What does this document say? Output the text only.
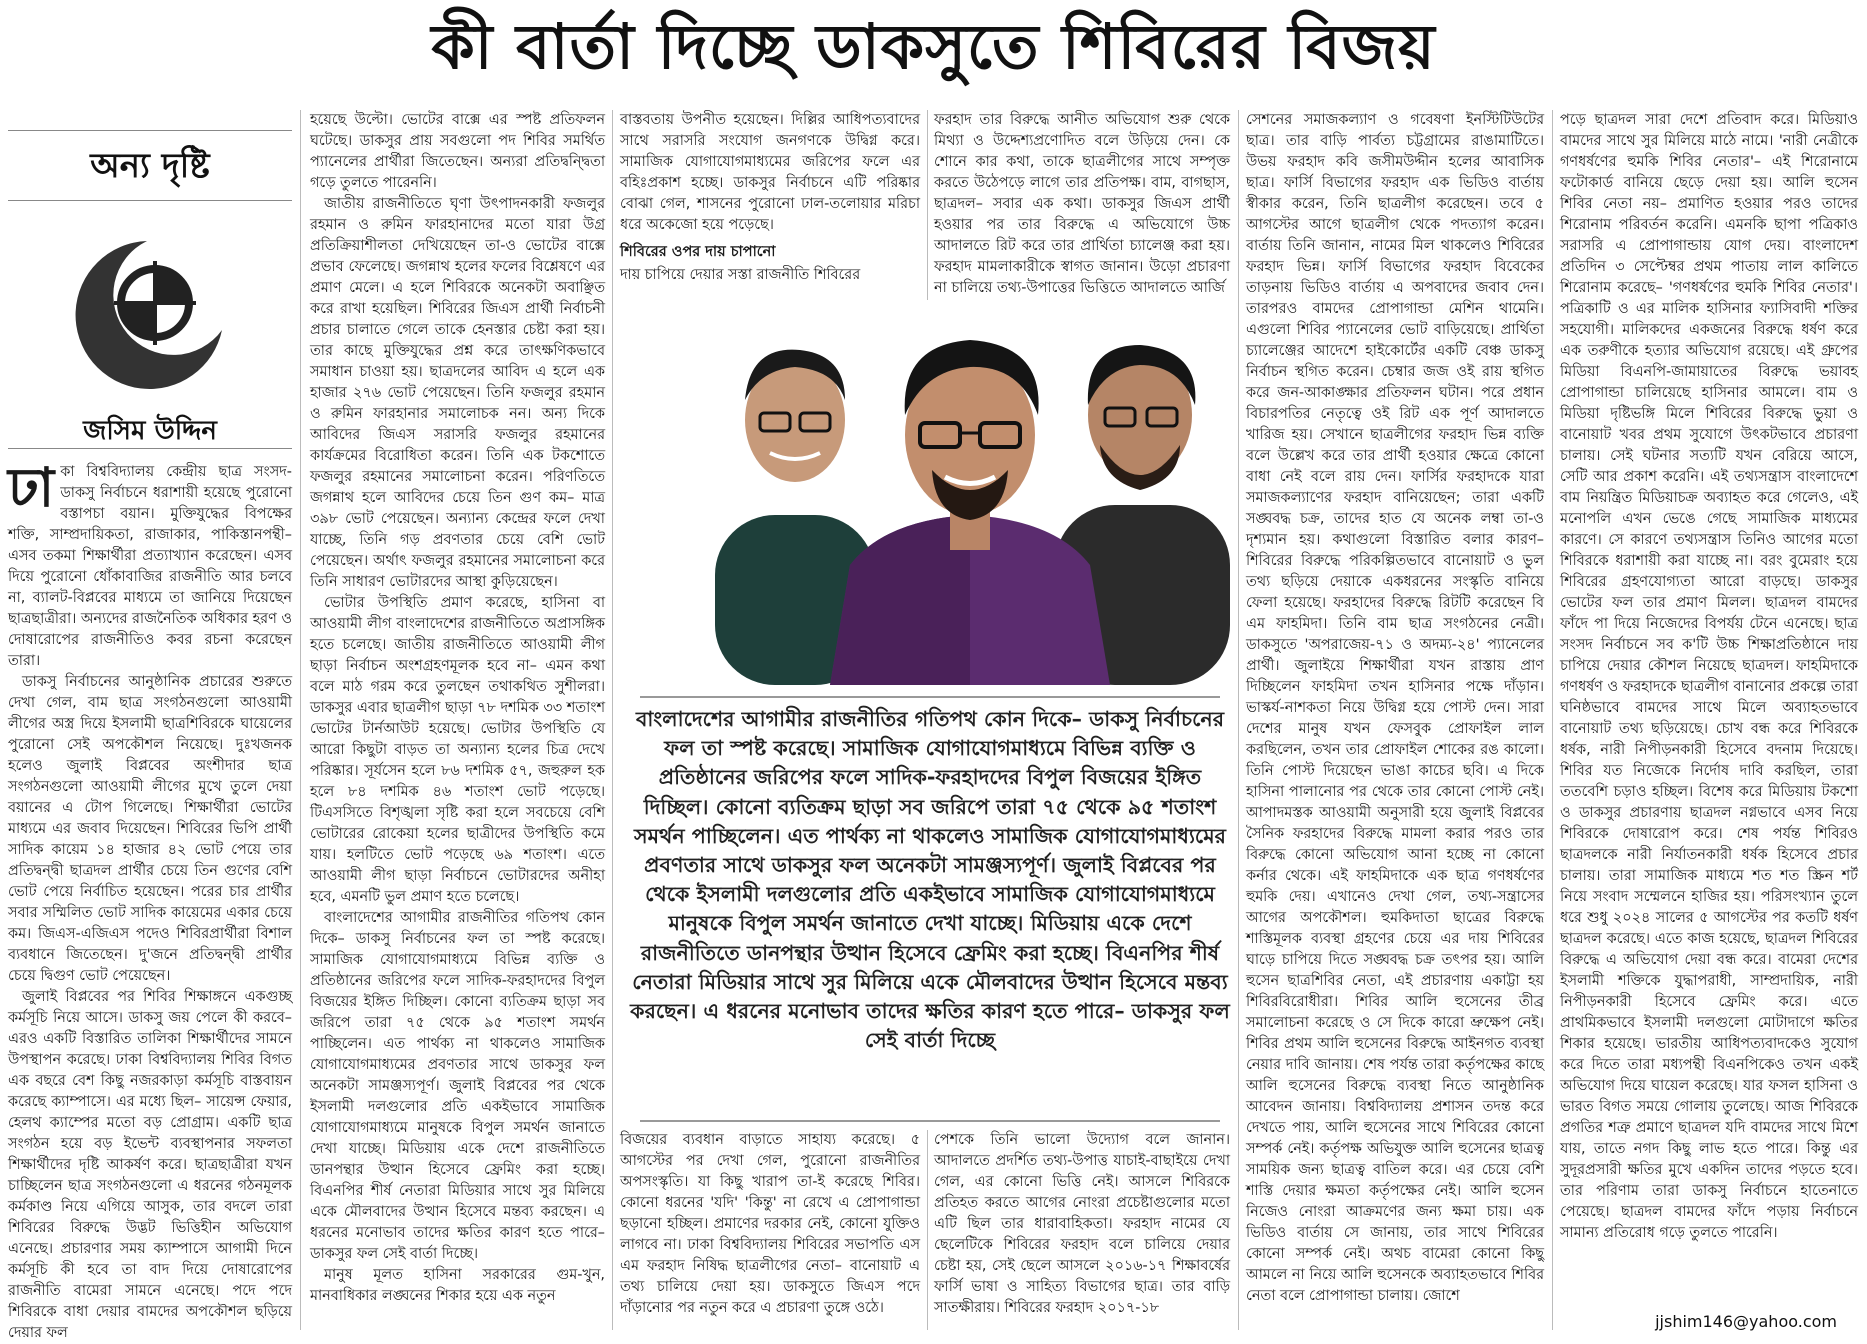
কী বার্তা দিচ্ছে ডাকসুতে শিবিরের বিজয়
অন্য দৃষ্টি
জসিম উদ্দিন

ঢাকা বিশ্ববিদ্যালয় কেন্দ্রীয় ছাত্র সংসদ-ডাকসু নির্বাচনে ধরাশায়ী হয়েছে পুরোনো বস্তাপচা বয়ান। মুক্তিযুদ্ধের বিপক্ষের শক্তি, সাম্প্রদায়িকতা, রাজাকার, পাকিস্তানপন্থী– এসব তকমা শিক্ষার্থীরা প্রত্যাখ্যান করেছেন। এসব দিয়ে পুরোনো ধোঁকাবাজির রাজনীতি আর চলবে না, ব্যালট-বিপ্লবের মাধ্যমে তা জানিয়ে দিয়েছেন ছাত্রছাত্রীরা। অন্যদের রাজনৈতিক অধিকার হরণ ও দোষারোপের রাজনীতিও কবর রচনা করেছেন তারা।

ডাকসু নির্বাচনের আনুষ্ঠানিক প্রচারের শুরুতে দেখা গেল, বাম ছাত্র সংগঠনগুলো আওয়ামী লীগের অস্ত্র দিয়ে ইসলামী ছাত্রশিবিরকে ঘায়েলের পুরোনো সেই অপকৌশল নিয়েছে। দুঃখজনক হলেও জুলাই বিপ্লবের অংশীদার ছাত্র সংগঠনগুলো আওয়ামী লীগের মুখে তুলে দেয়া বয়ানের এ টোপ গিলেছে। শিক্ষার্থীরা ভোটের মাধ্যমে এর জবাব দিয়েছেন। শিবিরের ভিপি প্রার্থী সাদিক কায়েম ১৪ হাজার ৪২ ভোট পেয়ে তার প্রতিদ্বন্দ্বী ছাত্রদল প্রার্থীর চেয়ে তিন গুণের বেশি ভোট পেয়ে নির্বাচিত হয়েছেন। পরের চার প্রার্থীর সবার সম্মিলিত ভোট সাদিক কায়েমের একার চেয়ে কম। জিএস-এজিএস পদেও শিবিরপ্রার্থীরা বিশাল ব্যবধানে জিতেছেন। দু'জনে প্রতিদ্বন্দ্বী প্রার্থীর চেয়ে দ্বিগুণ ভোট পেয়েছেন।

জুলাই বিপ্লবের পর শিবির শিক্ষাঙ্গনে একগুচ্ছ কর্মসূচি নিয়ে আসে। ডাকসু জয় পেলে কী করবে– এরও একটি বিস্তারিত তালিকা শিক্ষার্থীদের সামনে উপস্থাপন করেছে। ঢাকা বিশ্ববিদ্যালয় শিবির বিগত এক বছরে বেশ কিছু নজরকাড়া কর্মসূচি বাস্তবায়ন করেছে ক্যাম্পাসে। এর মধ্যে ছিল– সায়েন্স ফেয়ার, হেলথ ক্যাম্পের মতো বড় প্রোগ্রাম। একটি ছাত্র সংগঠন হয়ে বড় ইভেন্ট ব্যবস্থাপনার সফলতা শিক্ষার্থীদের দৃষ্টি আকর্ষণ করে। ছাত্রছাত্রীরা যখন চাচ্ছিলেন ছাত্র সংগঠনগুলো এ ধরনের গঠনমূলক কর্মকাণ্ড নিয়ে এগিয়ে আসুক, তার বদলে তারা শিবিরের বিরুদ্ধে উদ্ভট ভিত্তিহীন অভিযোগ এনেছে। প্রচারণার সময় ক্যাম্পাসে আগামী দিনে কর্মসূচি কী হবে তা বাদ দিয়ে দোষারোপের রাজনীতি বামেরা সামনে এনেছে। পদে পদে শিবিরকে বাধা দেয়ার বামদের অপকৌশল ছড়িয়ে দেয়ার ফল

হয়েছে উল্টো। ভোটের বাক্সে এর স্পষ্ট প্রতিফলন ঘটেছে। ডাকসুর প্রায় সবগুলো পদ শিবির সমর্থিত প্যানেলের প্রার্থীরা জিতেছেন। অন্যরা প্রতিদ্বন্দ্বিতা গড়ে তুলতে পারেননি।

জাতীয় রাজনীতিতে ঘৃণা উৎপাদনকারী ফজলুর রহমান ও রুমিন ফারহানাদের মতো যারা উগ্র প্রতিক্রিয়াশীলতা দেখিয়েছেন তা-ও ভোটের বাক্সে প্রভাব ফেলেছে। জগন্নাথ হলের ফলের বিশ্লেষণে এর প্রমাণ মেলে। এ হলে শিবিরকে অনেকটা অবাঞ্ছিত করে রাখা হয়েছিল। শিবিরের জিএস প্রার্থী নির্বাচনী প্রচার চালাতে গেলে তাকে হেনস্তার চেষ্টা করা হয়। তার কাছে মুক্তিযুদ্ধের প্রশ্ন করে তাৎক্ষণিকভাবে সমাধান চাওয়া হয়। ছাত্রদলের আবিদ এ হলে এক হাজার ২৭৬ ভোট পেয়েছেন। তিনি ফজলুর রহমান ও রুমিন ফারহানার সমালোচক নন। অন্য দিকে আবিদের জিএস সরাসরি ফজলুর রহমানের কার্যক্রমের বিরোধিতা করেন। তিনি এক টকশোতে ফজলুর রহমানের সমালোচনা করেন। পরিণতিতে জগন্নাথ হলে আবিদের চেয়ে তিন গুণ কম– মাত্র ৩৯৮ ভোট পেয়েছেন। অন্যান্য কেন্দ্রের ফলে দেখা যাচ্ছে, তিনি গড় প্রবণতার চেয়ে বেশি ভোট পেয়েছেন। অর্থাৎ ফজলুর রহমানের সমালোচনা করে তিনি সাধারণ ভোটারদের আস্থা কুড়িয়েছেন।

ভোটার উপস্থিতি প্রমাণ করেছে, হাসিনা বা আওয়ামী লীগ বাংলাদেশের রাজনীতিতে অপ্রাসঙ্গিক হতে চলেছে। জাতীয় রাজনীতিতে আওয়ামী লীগ ছাড়া নির্বাচন অংশগ্রহণমূলক হবে না– এমন কথা বলে মাঠ গরম করে তুলছেন তথাকথিত সুশীলরা। ডাকসুর এবার ছাত্রলীগ ছাড়া ৭৮ দশমিক ৩৩ শতাংশ ভোটের টার্নআউট হয়েছে। ভোটার উপস্থিতি যে আরো কিছুটা বাড়ত তা অন্যান্য হলের চিত্র দেখে পরিষ্কার। সূর্যসেন হলে ৮৬ দশমিক ৫৭, জহুরুল হক হলে ৮৪ দশমিক ৪৬ শতাংশ ভোট পড়েছে। টিএসসিতে বিশৃঙ্খলা সৃষ্টি করা হলে সবচেয়ে বেশি ভোটারের রোকেয়া হলের ছাত্রীদের উপস্থিতি কমে যায়। হলটিতে ভোট পড়েছে ৬৯ শতাংশ। এতে আওয়ামী লীগ ছাড়া নির্বাচনে ভোটারদের অনীহা হবে, এমনটি ভুল প্রমাণ হতে চলেছে।

বাংলাদেশের আগামীর রাজনীতির গতিপথ কোন দিকে– ডাকসু নির্বাচনের ফল তা স্পষ্ট করেছে। সামাজিক যোগাযোগমাধ্যমে বিভিন্ন ব্যক্তি ও প্রতিষ্ঠানের জরিপের ফলে সাদিক-ফরহাদদের বিপুল বিজয়ের ইঙ্গিত দিচ্ছিল। কোনো ব্যতিক্রম ছাড়া সব জরিপে তারা ৭৫ থেকে ৯৫ শতাংশ সমর্থন পাচ্ছিলেন। এত পার্থক্য না থাকলেও সামাজিক যোগাযোগমাধ্যমের প্রবণতার সাথে ডাকসুর ফল অনেকটা সামঞ্জস্যপূর্ণ। জুলাই বিপ্লবের পর থেকে ইসলামী দলগুলোর প্রতি একইভাবে সামাজিক যোগাযোগমাধ্যমে মানুষকে বিপুল সমর্থন জানাতে দেখা যাচ্ছে। মিডিয়ায় একে দেশে রাজনীতিতে ডানপন্থার উত্থান হিসেবে ফ্রেমিং করা হচ্ছে। বিএনপির শীর্ষ নেতারা মিডিয়ার সাথে সুর মিলিয়ে একে মৌলবাদের উত্থান হিসেবে মন্তব্য করছেন। এ ধরনের মনোভাব তাদের ক্ষতির কারণ হতে পারে– ডাকসুর ফল সেই বার্তা দিচ্ছে।

মানুষ মূলত হাসিনা সরকারের গুম-খুন, মানবাধিকার লঙ্ঘনের শিকার হয়ে এক নতুন

বাস্তবতায় উপনীত হয়েছেন। দিল্লির আধিপত্যবাদের সাথে সরাসরি সংযোগ জনগণকে উদ্বিগ্ন করে। সামাজিক যোগাযোগমাধ্যমের জরিপের ফলে এর বহিঃপ্রকাশ হচ্ছে। ডাকসুর নির্বাচনে এটি পরিষ্কার বোঝা গেল, শাসনের পুরোনো ঢাল-তলোয়ার মরিচা ধরে অকেজো হয়ে পড়েছে।

শিবিরের ওপর দায় চাপানো

দায় চাপিয়ে দেয়ার সস্তা রাজনীতি শিবিরের

ফরহাদ তার বিরুদ্ধে আনীত অভিযোগ শুরু থেকে মিথ্যা ও উদ্দেশ্যপ্রণোদিত বলে উড়িয়ে দেন। কে শোনে কার কথা, তাকে ছাত্রলীগের সাথে সম্পৃক্ত করতে উঠেপড়ে লাগে তার প্রতিপক্ষ। বাম, বাগছাস, ছাত্রদল– সবার এক কথা। ডাকসুর জিএস প্রার্থী হওয়ার পর তার বিরুদ্ধে এ অভিযোগে উচ্চ আদালতে রিট করে তার প্রার্থিতা চ্যালেঞ্জ করা হয়। ফরহাদ মামলাকারীকে স্বাগত জানান। উড়ো প্রচারণা না চালিয়ে তথ্য-উপাত্তের ভিত্তিতে আদালতে আর্জি

বাংলাদেশের আগামীর রাজনীতির গতিপথ কোন দিকে– ডাকসু নির্বাচনের ফল তা স্পষ্ট করেছে। সামাজিক যোগাযোগমাধ্যমে বিভিন্ন ব্যক্তি ও প্রতিষ্ঠানের জরিপের ফলে সাদিক-ফরহাদদের বিপুল বিজয়ের ইঙ্গিত দিচ্ছিল। কোনো ব্যতিক্রম ছাড়া সব জরিপে তারা ৭৫ থেকে ৯৫ শতাংশ সমর্থন পাচ্ছিলেন। এত পার্থক্য না থাকলেও সামাজিক যোগাযোগমাধ্যমের প্রবণতার সাথে ডাকসুর ফল অনেকটা সামঞ্জস্যপূর্ণ। জুলাই বিপ্লবের পর থেকে ইসলামী দলগুলোর প্রতি একইভাবে সামাজিক যোগাযোগমাধ্যমে মানুষকে বিপুল সমর্থন জানাতে দেখা যাচ্ছে। মিডিয়ায় একে দেশে রাজনীতিতে ডানপন্থার উত্থান হিসেবে ফ্রেমিং করা হচ্ছে। বিএনপির শীর্ষ নেতারা মিডিয়ার সাথে সুর মিলিয়ে একে মৌলবাদের উত্থান হিসেবে মন্তব্য করছেন। এ ধরনের মনোভাব তাদের ক্ষতির কারণ হতে পারে– ডাকসুর ফল সেই বার্তা দিচ্ছে

বিজয়ের ব্যবধান বাড়াতে সাহায্য করেছে। ৫ আগস্টের পর দেখা গেল, পুরোনো রাজনীতির অপসংস্কৃতি। যা কিছু খারাপ তা-ই করেছে শিবির। কোনো ধরনের 'যদি' 'কিন্তু' না রেখে এ প্রোপাগান্ডা ছড়ানো হচ্ছিল। প্রমাণের দরকার নেই, কোনো যুক্তিও লাগবে না। ঢাকা বিশ্ববিদ্যালয় শিবিরের সভাপতি এস এম ফরহাদ নিষিদ্ধ ছাত্রলীগের নেতা– বানোয়াট এ তথ্য চালিয়ে দেয়া হয়। ডাকসুতে জিএস পদে দাঁড়ানোর পর নতুন করে এ প্রচারণা তুঙ্গে ওঠে।

পেশকে তিনি ভালো উদ্যোগ বলে জানান। আদালতে প্রদর্শিত তথ্য-উপাত্ত যাচাই-বাছাইয়ে দেখা গেল, এর কোনো ভিত্তি নেই। আসলে শিবিরকে প্রতিহত করতে আগের নোংরা প্রচেষ্টাগুলোর মতো এটি ছিল তার ধারাবাহিকতা। ফরহাদ নামের যে ছেলেটিকে শিবিরের ফরহাদ বলে চালিয়ে দেয়ার চেষ্টা হয়, সেই ছেলে আসলে ২০১৬-১৭ শিক্ষাবর্ষের ফার্সি ভাষা ও সাহিত্য বিভাগের ছাত্র। তার বাড়ি সাতক্ষীরায়। শিবিরের ফরহাদ ২০১৭-১৮

সেশনের সমাজকল্যাণ ও গবেষণা ইনস্টিটিউটের ছাত্র। তার বাড়ি পার্বত্য চট্টগ্রামের রাঙামাটিতে। উভয় ফরহাদ কবি জসীমউদ্দীন হলের আবাসিক ছাত্র। ফার্সি বিভাগের ফরহাদ এক ভিডিও বার্তায় স্বীকার করেন, তিনি ছাত্রলীগ করেছেন। তবে ৫ আগস্টের আগে ছাত্রলীগ থেকে পদত্যাগ করেন। বার্তায় তিনি জানান, নামের মিল থাকলেও শিবিরের ফরহাদ ভিন্ন। ফার্সি বিভাগের ফরহাদ বিবেকের তাড়নায় ভিডিও বার্তায় এ অপবাদের জবাব দেন। তারপরও বামদের প্রোপাগান্ডা মেশিন থামেনি। এগুলো শিবির প্যানেলের ভোট বাড়িয়েছে। প্রার্থিতা চ্যালেঞ্জের আদেশে হাইকোর্টের একটি বেঞ্চ ডাকসু নির্বাচন স্থগিত করেন। চেম্বার জজ ওই রায় স্থগিত করে জন-আকাঙ্ক্ষার প্রতিফলন ঘটান। পরে প্রধান বিচারপতির নেতৃত্বে ওই রিট এক পূর্ণ আদালতে খারিজ হয়। সেখানে ছাত্রলীগের ফরহাদ ভিন্ন ব্যক্তি বলে উল্লেখ করে তার প্রার্থী হওয়ার ক্ষেত্রে কোনো বাধা নেই বলে রায় দেন। ফার্সির ফরহাদকে যারা সমাজকল্যাণের ফরহাদ বানিয়েছেন; তারা একটি সঙ্ঘবদ্ধ চক্র, তাদের হাত যে অনেক লম্বা তা-ও দৃশ্যমান হয়। কথাগুলো বিস্তারিত বলার কারণ– শিবিরের বিরুদ্ধে পরিকল্পিতভাবে বানোয়াট ও ভুল তথ্য ছড়িয়ে দেয়াকে একধরনের সংস্কৃতি বানিয়ে ফেলা হয়েছে। ফরহাদের বিরুদ্ধে রিটটি করেছেন বি এম ফাহমিদা। তিনি বাম ছাত্র সংগঠনের নেত্রী। ডাকসুতে 'অপরাজেয়-৭১ ও অদম্য-২৪' প্যানেলের প্রার্থী। জুলাইয়ে শিক্ষার্থীরা যখন রাস্তায় প্রাণ দিচ্ছিলেন ফাহমিদা তখন হাসিনার পক্ষে দাঁড়ান। ভাস্কর্য-নাশকতা নিয়ে উদ্বিগ্ন হয়ে পোস্ট দেন। সারা দেশের মানুষ যখন ফেসবুক প্রোফাইল লাল করছিলেন, তখন তার প্রোফাইল শোকের রঙ কালো। তিনি পোস্ট দিয়েছেন ভাঙা কাচের ছবি। এ দিকে হাসিনা পালানোর পর থেকে তার কোনো পোস্ট নেই। আপাদমস্তক আওয়ামী অনুসারী হয়ে জুলাই বিপ্লবের সৈনিক ফরহাদের বিরুদ্ধে মামলা করার পরও তার বিরুদ্ধে কোনো অভিযোগ আনা হচ্ছে না কোনো কর্নার থেকে। এই ফাহমিদাকে এক ছাত্র গণধর্ষণের হুমকি দেয়। এখানেও দেখা গেল, তথ্য-সন্ত্রাসের আগের অপকৌশল। হুমকিদাতা ছাত্রের বিরুদ্ধে শাস্তিমূলক ব্যবস্থা গ্রহণের চেয়ে এর দায় শিবিরের ঘাড়ে চাপিয়ে দিতে সঙ্ঘবদ্ধ চক্র তৎপর হয়। আলি হুসেন ছাত্রশিবির নেতা, এই প্রচারণায় একাট্টা হয় শিবিরবিরোধীরা। শিবির আলি হুসেনের তীব্র সমালোচনা করেছে ও সে দিকে কারো ভ্রুক্ষেপ নেই। শিবির প্রথম আলি হুসেনের বিরুদ্ধে আইনগত ব্যবস্থা নেয়ার দাবি জানায়। শেষ পর্যন্ত তারা কর্তৃপক্ষের কাছে আলি হুসেনের বিরুদ্ধে ব্যবস্থা নিতে আনুষ্ঠানিক আবেদন জানায়। বিশ্ববিদ্যালয় প্রশাসন তদন্ত করে দেখতে পায়, আলি হুসেনের সাথে শিবিরের কোনো সম্পর্ক নেই। কর্তৃপক্ষ অভিযুক্ত আলি হুসেনের ছাত্রত্ব সাময়িক জন্য ছাত্রত্ব বাতিল করে। এর চেয়ে বেশি শাস্তি দেয়ার ক্ষমতা কর্তৃপক্ষের নেই। আলি হুসেন নিজেও নোংরা আক্রমণের জন্য ক্ষমা চায়। এক ভিডিও বার্তায় সে জানায়, তার সাথে শিবিরের কোনো সম্পর্ক নেই। অথচ বামেরা কোনো কিছু আমলে না নিয়ে আলি হুসেনকে অব্যাহতভাবে শিবির নেতা বলে প্রোপাগান্ডা চালায়। জোশে

পড়ে ছাত্রদল সারা দেশে প্রতিবাদ করে। মিডিয়াও বামদের সাথে সুর মিলিয়ে মাঠে নামে। 'নারী নেত্রীকে গণধর্ষণের হুমকি শিবির নেতার'– এই শিরোনামে ফটোকার্ড বানিয়ে ছেড়ে দেয়া হয়। আলি হুসেন শিবির নেতা নয়– প্রমাণিত হওয়ার পরও তাদের শিরোনাম পরিবর্তন করেনি। এমনকি ছাপা পত্রিকাও সরাসরি এ প্রোপাগান্ডায় যোগ দেয়। বাংলাদেশ প্রতিদিন ৩ সেপ্টেম্বর প্রথম পাতায় লাল কালিতে শিরোনাম করেছে– 'গণধর্ষণের হুমকি শিবির নেতার'। পত্রিকাটি ও এর মালিক হাসিনার ফ্যাসিবাদী শক্তির সহযোগী। মালিকদের একজনের বিরুদ্ধে ধর্ষণ করে এক তরুণীকে হত্যার অভিযোগ রয়েছে। এই গ্রুপের মিডিয়া বিএনপি-জামায়াতের বিরুদ্ধে ভয়াবহ প্রোপাগান্ডা চালিয়েছে হাসিনার আমলে। বাম ও মিডিয়া দৃষ্টিভঙ্গি মিলে শিবিরের বিরুদ্ধে ভুয়া ও বানোয়াট খবর প্রথম সুযোগে উৎকটভাবে প্রচারণা চালায়। সেই ঘটনার সত্যটি যখন বেরিয়ে আসে, সেটি আর প্রকাশ করেনি। এই তথ্যসন্ত্রাস বাংলাদেশে বাম নিয়ন্ত্রিত মিডিয়াচক্র অব্যাহত করে গেলেও, এই মনোপলি এখন ভেঙে গেছে সামাজিক মাধ্যমের কারণে। সে কারণে তথ্যসন্ত্রাস তিনিও আগের মতো শিবিরকে ধরাশায়ী করা যাচ্ছে না। বরং বুমেরাং হয়ে শিবিরের গ্রহণযোগ্যতা আরো বাড়ছে। ডাকসুর ভোটের ফল তার প্রমাণ মিলল। ছাত্রদল বামদের ফাঁদে পা দিয়ে নিজেদের বিপর্যয় টেনে এনেছে। ছাত্র সংসদ নির্বাচনে সব ক'টি উচ্চ শিক্ষাপ্রতিষ্ঠানে দায় চাপিয়ে দেয়ার কৌশল নিয়েছে ছাত্রদল। ফাহমিদাকে গণধর্ষণ ও ফরহাদকে ছাত্রলীগ বানানোর প্রকল্পে তারা ঘনিষ্ঠভাবে বামদের সাথে মিলে অব্যাহতভাবে বানোয়াট তথ্য ছড়িয়েছে। চোখ বন্ধ করে শিবিরকে ধর্ষক, নারী নিপীড়নকারী হিসেবে বদনাম দিয়েছে। শিবির যত নিজেকে নির্দোষ দাবি করছিল, তারা ততবেশি চড়াও হচ্ছিল। বিশেষ করে মিডিয়ায় টকশো ও ডাকসুর প্রচারণায় ছাত্রদল নগ্নভাবে এসব নিয়ে শিবিরকে দোষারোপ করে। শেষ পর্যন্ত শিবিরও ছাত্রদলকে নারী নির্যাতনকারী ধর্ষক হিসেবে প্রচার চালায়। তারা সামাজিক মাধ্যমে শত শত স্ক্রিন শর্ট নিয়ে সংবাদ সম্মেলনে হাজির হয়। পরিসংখ্যান তুলে ধরে শুধু ২০২৪ সালের ৫ আগস্টের পর কতটি ধর্ষণ ছাত্রদল করেছে। এতে কাজ হয়েছে, ছাত্রদল শিবিরের বিরুদ্ধে এ অভিযোগ দেয়া বন্ধ করে। বামেরা দেশের ইসলামী শক্তিকে যুদ্ধাপরাধী, সাম্প্রদায়িক, নারী নিপীড়নকারী হিসেবে ফ্রেমিং করে। এতে প্রাথমিকভাবে ইসলামী দলগুলো মোটাদাগে ক্ষতির শিকার হয়েছে। ভারতীয় আধিপত্যবাদকেও সুযোগ করে দিতে তারা মধ্যপন্থী বিএনপিকেও তখন একই অভিযোগ দিয়ে ঘায়েল করেছে। যার ফসল হাসিনা ও ভারত বিগত সময়ে গোলায় তুলেছে। আজ শিবিরকে প্রগতির শত্রু প্রমাণে ছাত্রদল যদি বামদের সাথে মিশে যায়, তাতে নগদ কিছু লাভ হতে পারে। কিন্তু এর সুদূরপ্রসারী ক্ষতির মুখে একদিন তাদের পড়তে হবে। তার পরিণাম তারা ডাকসু নির্বাচনে হাতেনাতে পেয়েছে। ছাত্রদল বামদের ফাঁদে পড়ায় নির্বাচনে সামান্য প্রতিরোধ গড়ে তুলতে পারেনি।

jjshim146@yahoo.com
